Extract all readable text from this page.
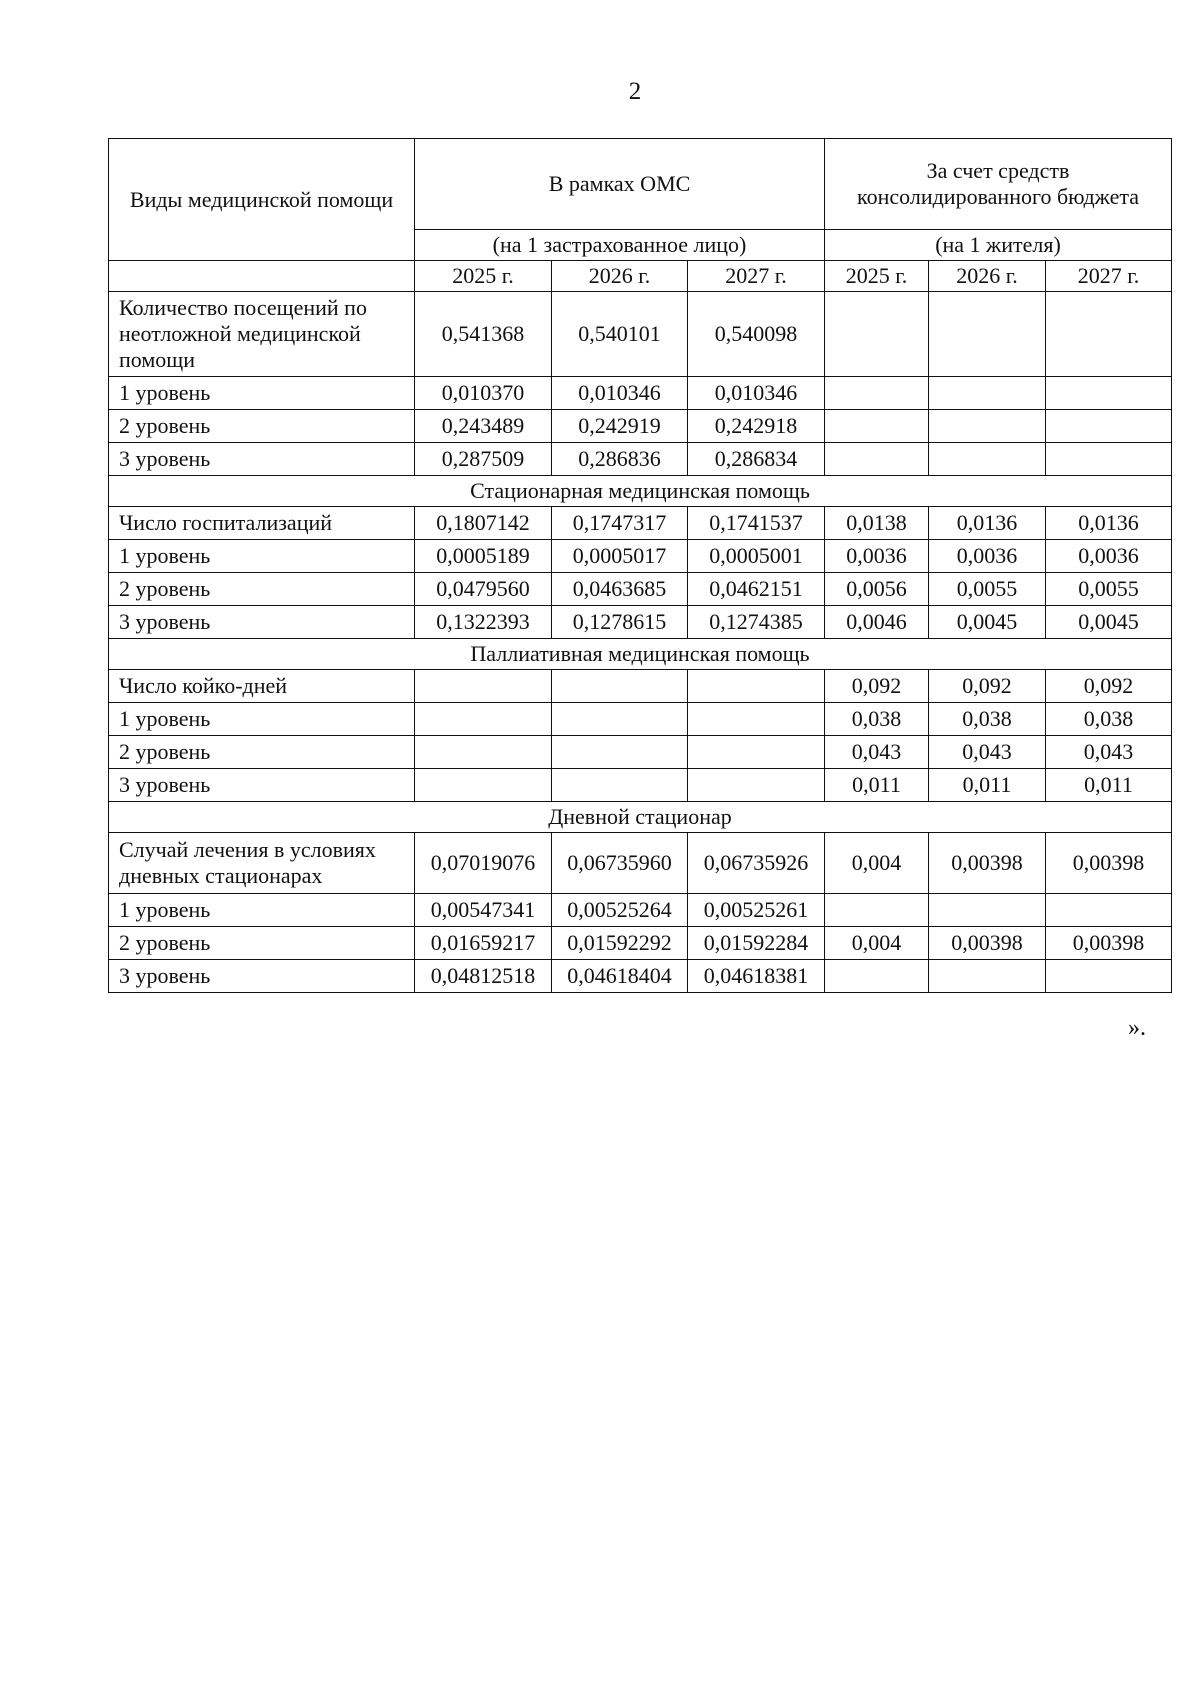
2
Виды медицинской помощи	В рамках ОМС			За счет средств консолидированного бюджета		
	(на 1 застрахованное лицо)			(на 1 жителя)		
	2025 г.	2026 г.	2027 г.	2025 г.	2026 г.	2027 г.
Количество посещений по неотложной медицинской помощи	0,541368	0,540101	0,540098			
1 уровень	0,010370	0,010346	0,010346			
2 уровень	0,243489	0,242919	0,242918			
3 уровень	0,287509	0,286836	0,286834			
Стационарная медицинская помощь						
Число госпитализаций	0,1807142	0,1747317	0,1741537	0,0138	0,0136	0,0136
1 уровень	0,0005189	0,0005017	0,0005001	0,0036	0,0036	0,0036
2 уровень	0,0479560	0,0463685	0,0462151	0,0056	0,0055	0,0055
3 уровень	0,1322393	0,1278615	0,1274385	0,0046	0,0045	0,0045
Паллиативная медицинская помощь						
Число койко-дней				0,092	0,092	0,092
1 уровень				0,038	0,038	0,038
2 уровень				0,043	0,043	0,043
3 уровень				0,011	0,011	0,011
Дневной стационар						
Случай лечения в условиях дневных стационарах	0,07019076	0,06735960	0,06735926	0,004	0,00398	0,00398
1 уровень	0,00547341	0,00525264	0,00525261			
2 уровень	0,01659217	0,01592292	0,01592284	0,004	0,00398	0,00398
3 уровень	0,04812518	0,04618404	0,04618381			
».
